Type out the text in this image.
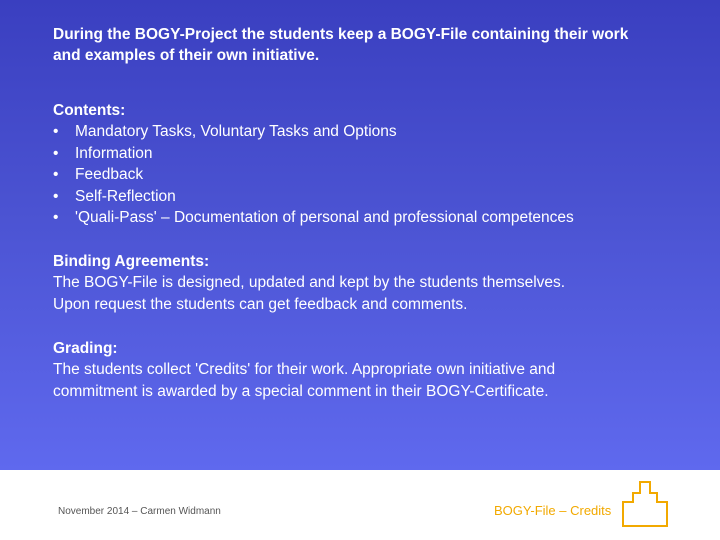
During the BOGY-Project the students keep a BOGY-File containing their work and examples of their own initiative.

Contents:

• Mandatory Tasks, Voluntary Tasks and Options
• Information
• Feedback
• Self-Reflection
• 'Quali-Pass' – Documentation of personal and professional competences

Binding Agreements:

The BOGY-File is designed, updated and kept by the students themselves.

Upon request the students can get feedback and comments.

Grading:

The students collect 'Credits' for their work. Appropriate own initiative and

commitment is awarded by a special comment in their BOGY-Certificate.

November 2014 – Carmen Widmann	BOGY-File – Credits
